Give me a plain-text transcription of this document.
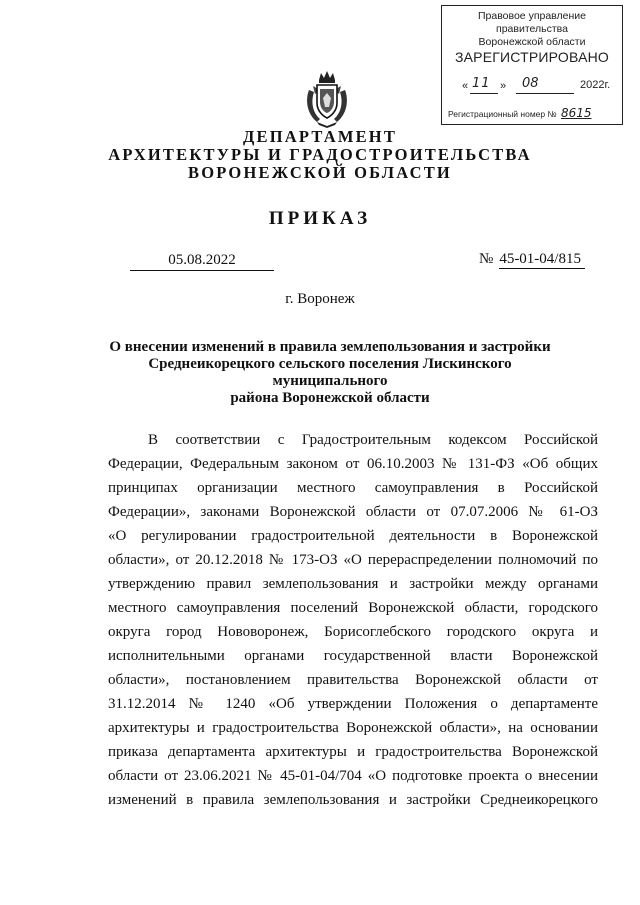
Правовое управление правительства
Воронежской области
ЗАРЕГИСТРИРОВАНО
« 11 » 08	2022г.
Регистрационный номер № 8615
ДЕПАРТАМЕНТ
АРХИТЕКТУРЫ И ГРАДОСТРОИТЕЛЬСТВА
ВОРОНЕЖСКОЙ ОБЛАСТИ
ПРИКАЗ
05.08.2022	№ 45-01-04/815
г. Воронеж
О внесении изменений в правила землепользования и застройки
Среднеикорецкого сельского поселения Лискинского муниципального
района Воронежской области
В соответствии с Градостроительным кодексом Российской
Федерации, Федеральным законом от 06.10.2003 № 131-ФЗ «Об общих
принципах организации местного самоуправления в Российской
Федерации», законами Воронежской области от 07.07.2006 № 61-ОЗ
«О регулировании градостроительной деятельности в Воронежской
области», от 20.12.2018 № 173-ОЗ «О перераспределении полномочий по
утверждению правил землепользования и застройки между органами
местного самоуправления поселений Воронежской области, городского
округа город Нововоронеж, Борисоглебского городского округа и
исполнительными органами государственной власти Воронежской
области», постановлением правительства Воронежской области от
31.12.2014 № 1240 «Об утверждении Положения о департаменте
архитектуры и градостроительства Воронежской области», на основании
приказа департамента архитектуры и градостроительства Воронежской
области от 23.06.2021 № 45-01-04/704 «О подготовке проекта о внесении
изменений в правила землепользования и застройки Среднеикорецкого
